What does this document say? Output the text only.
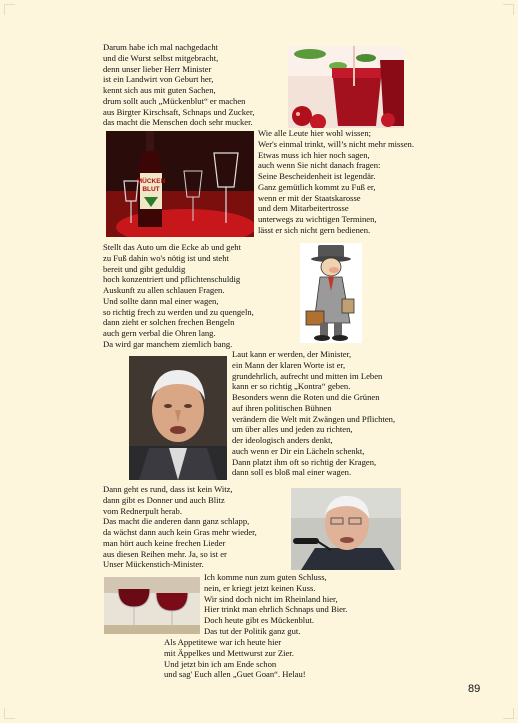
MÜCKEN
BLUT
Darum habe ich mal nachgedacht
und die Wurst selbst mitgebracht,
denn unser lieber Herr Minister
ist ein Landwirt von Geburt her,
kennt sich aus mit guten Sachen,
drum sollt auch „Mückenblut“ er machen
aus Birgter Kirschsaft, Schnaps und Zucker,
das macht die Menschen doch sehr mucker.
Wie alle Leute hier wohl wissen;
Wer's einmal trinkt, will’s nicht mehr missen.
Etwas muss ich hier noch sagen,
auch wenn Sie nicht danach fragen:
Seine Bescheidenheit ist legendär.
Ganz gemütlich kommt zu Fuß er,
wenn er mit der Staatskarosse
und dem Mitarbeitertrosse
unterwegs zu wichtigen Terminen,
lässt er sich nicht gern bedienen.
Stellt das Auto um die Ecke ab und geht
zu Fuß dahin wo's nötig ist und steht
bereit und gibt geduldig
hoch konzentriert und pflichtenschuldig
Auskunft zu allen schlauen Fragen.
Und sollte dann mal einer wagen,
so richtig frech zu werden und zu quengeln,
dann zieht er solchen frechen Bengeln
auch gern verbal die Ohren lang.
Da wird gar manchem ziemlich bang.
Laut kann er werden, der Minister,
ein Mann der klaren Worte ist er,
grundehrlich, aufrecht und mitten im Leben
kann er so richtig „Kontra“ geben.
Besonders wenn die Roten und die Grünen
auf ihren politischen Bühnen
verändern die Welt mit Zwängen und Pflichten,
um über alles und jeden zu richten,
der ideologisch anders denkt,
auch wenn er Dir ein Lächeln schenkt,
Dann platzt ihm oft so richtig der Kragen,
dann soll es bloß mal einer wagen.
Dann geht es rund, dass ist kein Witz,
dann gibt es Donner und auch Blitz
vom Rednerpult herab.
Das macht die anderen dann ganz schlapp,
da wächst dann auch kein Gras mehr wieder,
man hört auch keine frechen Lieder
aus diesen Reihen mehr. Ja, so ist er
Unser Mückenstich-Minister.
Ich komme nun zum guten Schluss,
nein, er kriegt jetzt keinen Kuss.
Wir sind doch nicht im Rheinland hier,
Hier trinkt man ehrlich Schnaps und Bier.
Doch heute gibt es Mückenblut.
Das tut der Politik ganz gut.
Als Appetitewe war ich heute hier
mit Äppelkes und Mettwurst zur Zier.
Und jetzt bin ich am Ende schon
und sag' Euch allen „Guet Goan“. Helau!
89
